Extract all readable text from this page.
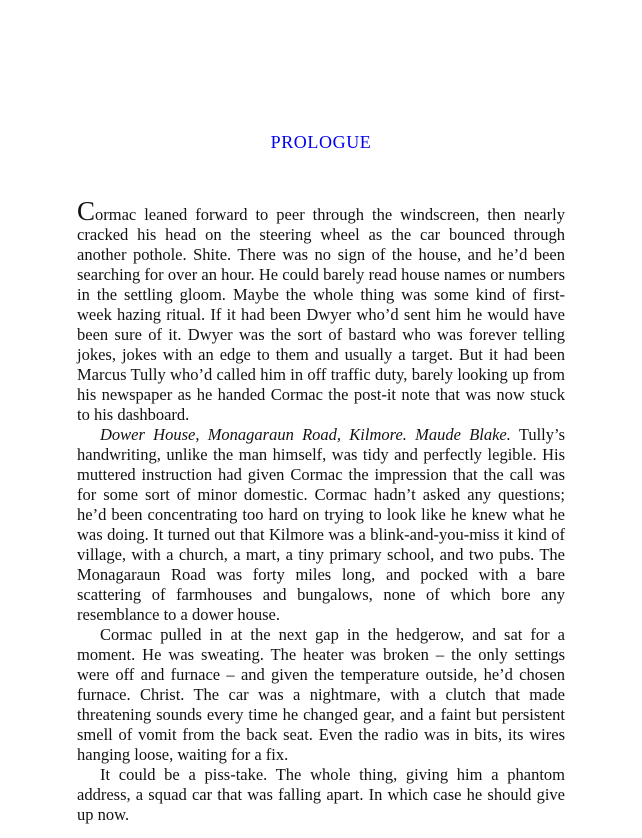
PROLOGUE

Cormac leaned forward to peer through the windscreen, then nearly cracked his head on the steering wheel as the car bounced through another pothole. Shite. There was no sign of the house, and he’d been searching for over an hour. He could barely read house names or numbers in the settling gloom. Maybe the whole thing was some kind of first-week hazing ritual. If it had been Dwyer who’d sent him he would have been sure of it. Dwyer was the sort of bastard who was forever telling jokes, jokes with an edge to them and usually a target. But it had been Marcus Tully who’d called him in off traffic duty, barely looking up from his newspaper as he handed Cormac the post-it note that was now stuck to his dashboard.

Dower House, Monagaraun Road, Kilmore. Maude Blake. Tully’s handwriting, unlike the man himself, was tidy and perfectly legible. His muttered instruction had given Cormac the impression that the call was for some sort of minor domestic. Cormac hadn’t asked any questions; he’d been concentrating too hard on trying to look like he knew what he was doing. It turned out that Kilmore was a blink-and-you-miss it kind of village, with a church, a mart, a tiny primary school, and two pubs. The Monagaraun Road was forty miles long, and pocked with a bare scattering of farmhouses and bungalows, none of which bore any resemblance to a dower house.

Cormac pulled in at the next gap in the hedgerow, and sat for a moment. He was sweating. The heater was broken – the only settings were off and furnace – and given the temperature outside, he’d chosen furnace. Christ. The car was a nightmare, with a clutch that made threatening sounds every time he changed gear, and a faint but persistent smell of vomit from the back seat. Even the radio was in bits, its wires hanging loose, waiting for a fix.

It could be a piss-take. The whole thing, giving him a phantom address, a squad car that was falling apart. In which case he should give up now.
